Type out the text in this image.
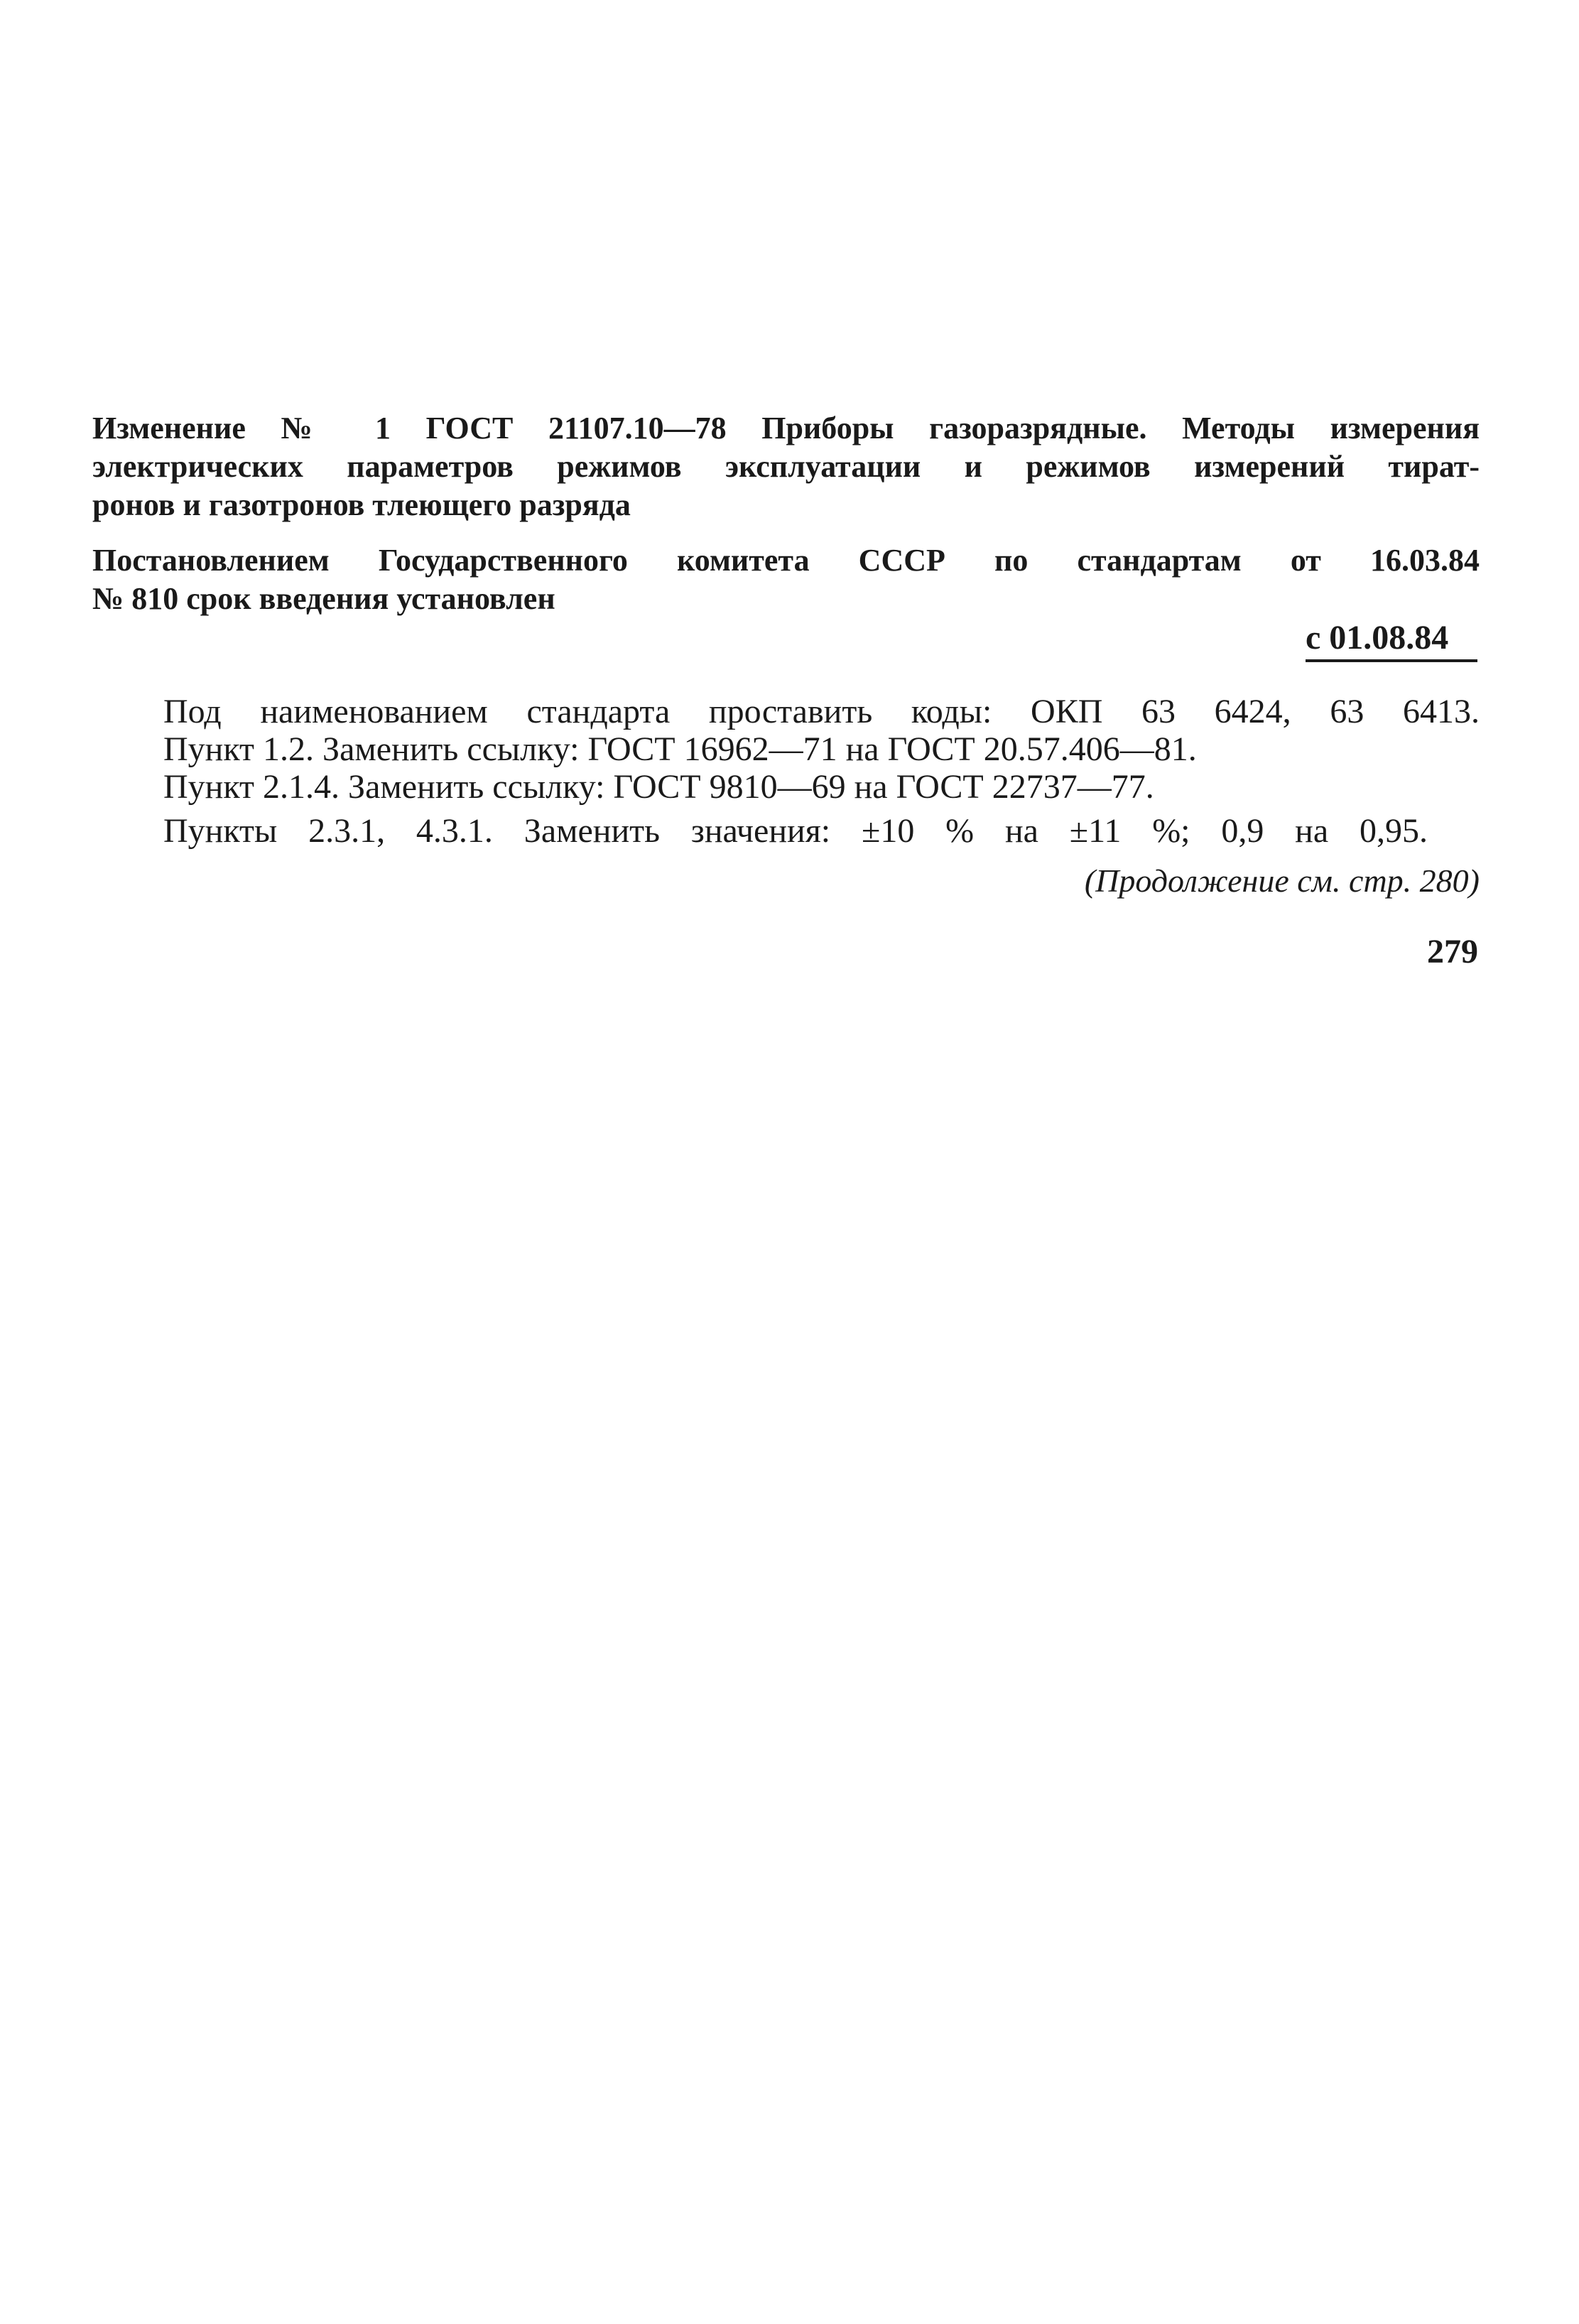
Изменение № 1 ГОСТ 21107.10—78 Приборы газоразрядные. Методы измерения
электрических параметров режимов эксплуатации и режимов измерений тират-
ронов и газотронов тлеющего разряда
Постановлением Государственного комитета СССР по стандартам от 16.03.84
№ 810 срок введения установлен
с 01.08.84
Под наименованием стандарта проставить коды: ОКП 63 6424, 63 6413.
Пункт 1.2. Заменить ссылку: ГОСТ 16962—71 на ГОСТ 20.57.406—81.
Пункт 2.1.4. Заменить ссылку: ГОСТ 9810—69 на ГОСТ 22737—77.
Пункты 2.3.1, 4.3.1. Заменить значения: ±10 % на ±11 %; 0,9 на 0,95.
(Продолжение см. стр. 280)
279
